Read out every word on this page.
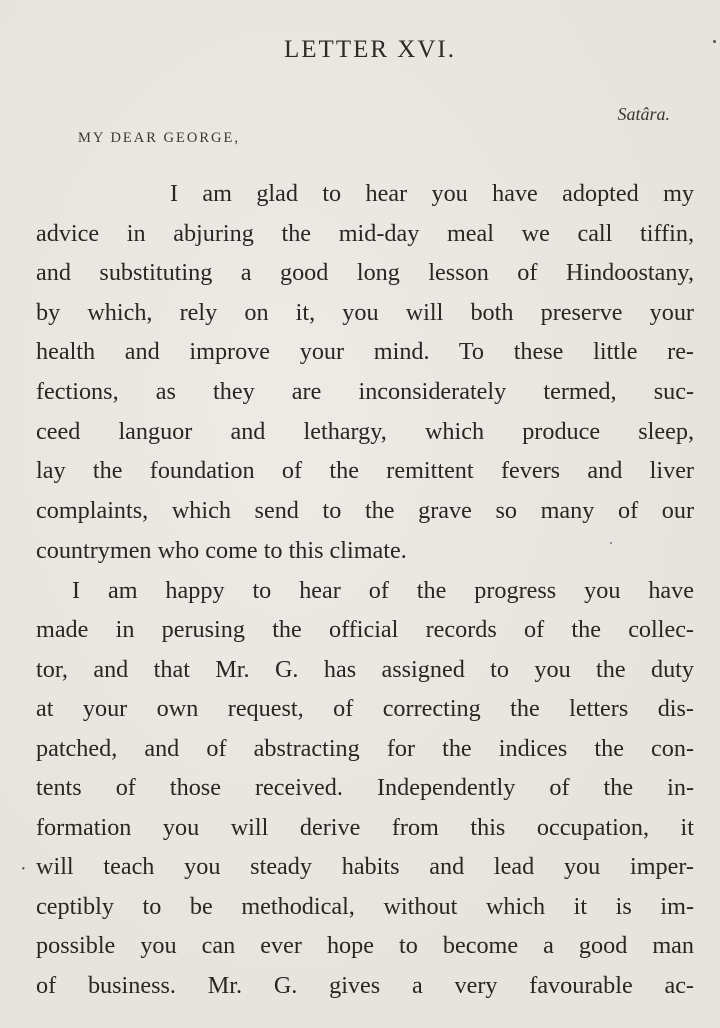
LETTER XVI.
Satâra.
MY DEAR GEORGE,
I am glad to hear you have adopted my
advice in abjuring the mid-day meal we call tiffin,
and substituting a good long lesson of Hindoostany,
by which, rely on it, you will both preserve your
health and improve your mind. To these little re-
fections, as they are inconsiderately termed, suc-
ceed languor and lethargy, which produce sleep,
lay the foundation of the remittent fevers and liver
complaints, which send to the grave so many of our
countrymen who come to this climate.
I am happy to hear of the progress you have
made in perusing the official records of the collec-
tor, and that Mr. G. has assigned to you the duty
at your own request, of correcting the letters dis-
patched, and of abstracting for the indices the con-
tents of those received. Independently of the in-
formation you will derive from this occupation, it
· will teach you steady habits and lead you imper-
ceptibly to be methodical, without which it is im-
possible you can ever hope to become a good man
of business. Mr. G. gives a very favourable ac-
